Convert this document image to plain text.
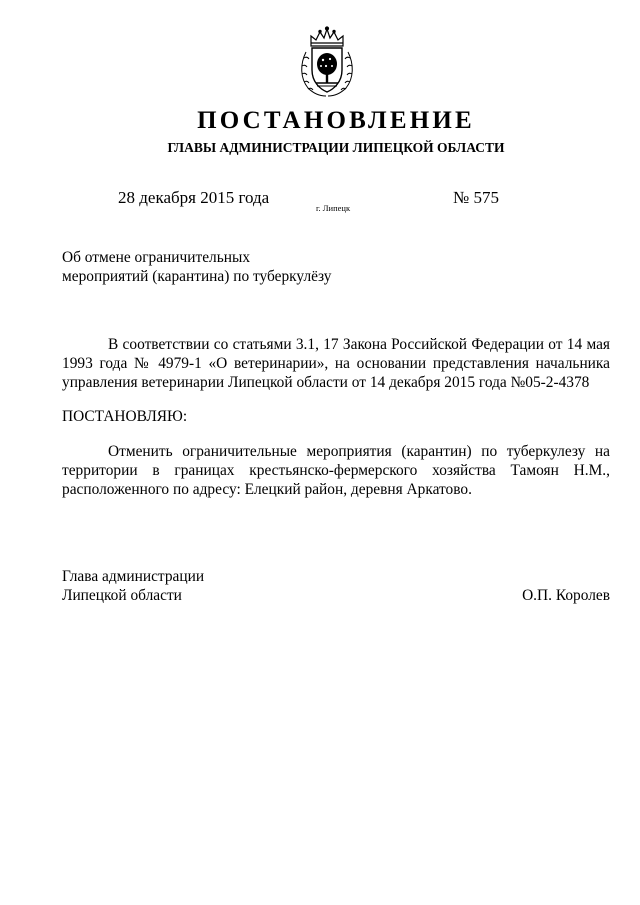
ПОСТАНОВЛЕНИЕ
ГЛАВЫ АДМИНИСТРАЦИИ ЛИПЕЦКОЙ ОБЛАСТИ
28 декабря 2015 года
г. Липецк
№ 575
Об отмене ограничительных
мероприятий (карантина) по туберкулёзу
В соответствии со статьями 3.1, 17 Закона Российской Федерации от 14 мая
1993 года № 4979-1 «О ветеринарии», на основании представления начальника
управления ветеринарии Липецкой области от 14 декабря 2015 года №05-2-4378
ПОСТАНОВЛЯЮ:
Отменить ограничительные мероприятия (карантин) по туберкулезу на
территории в границах крестьянско-фермерского хозяйства Тамоян Н.М.,
расположенного по адресу: Елецкий район, деревня Аркатово.
Глава администрации
Липецкой области	О.П. Королев
